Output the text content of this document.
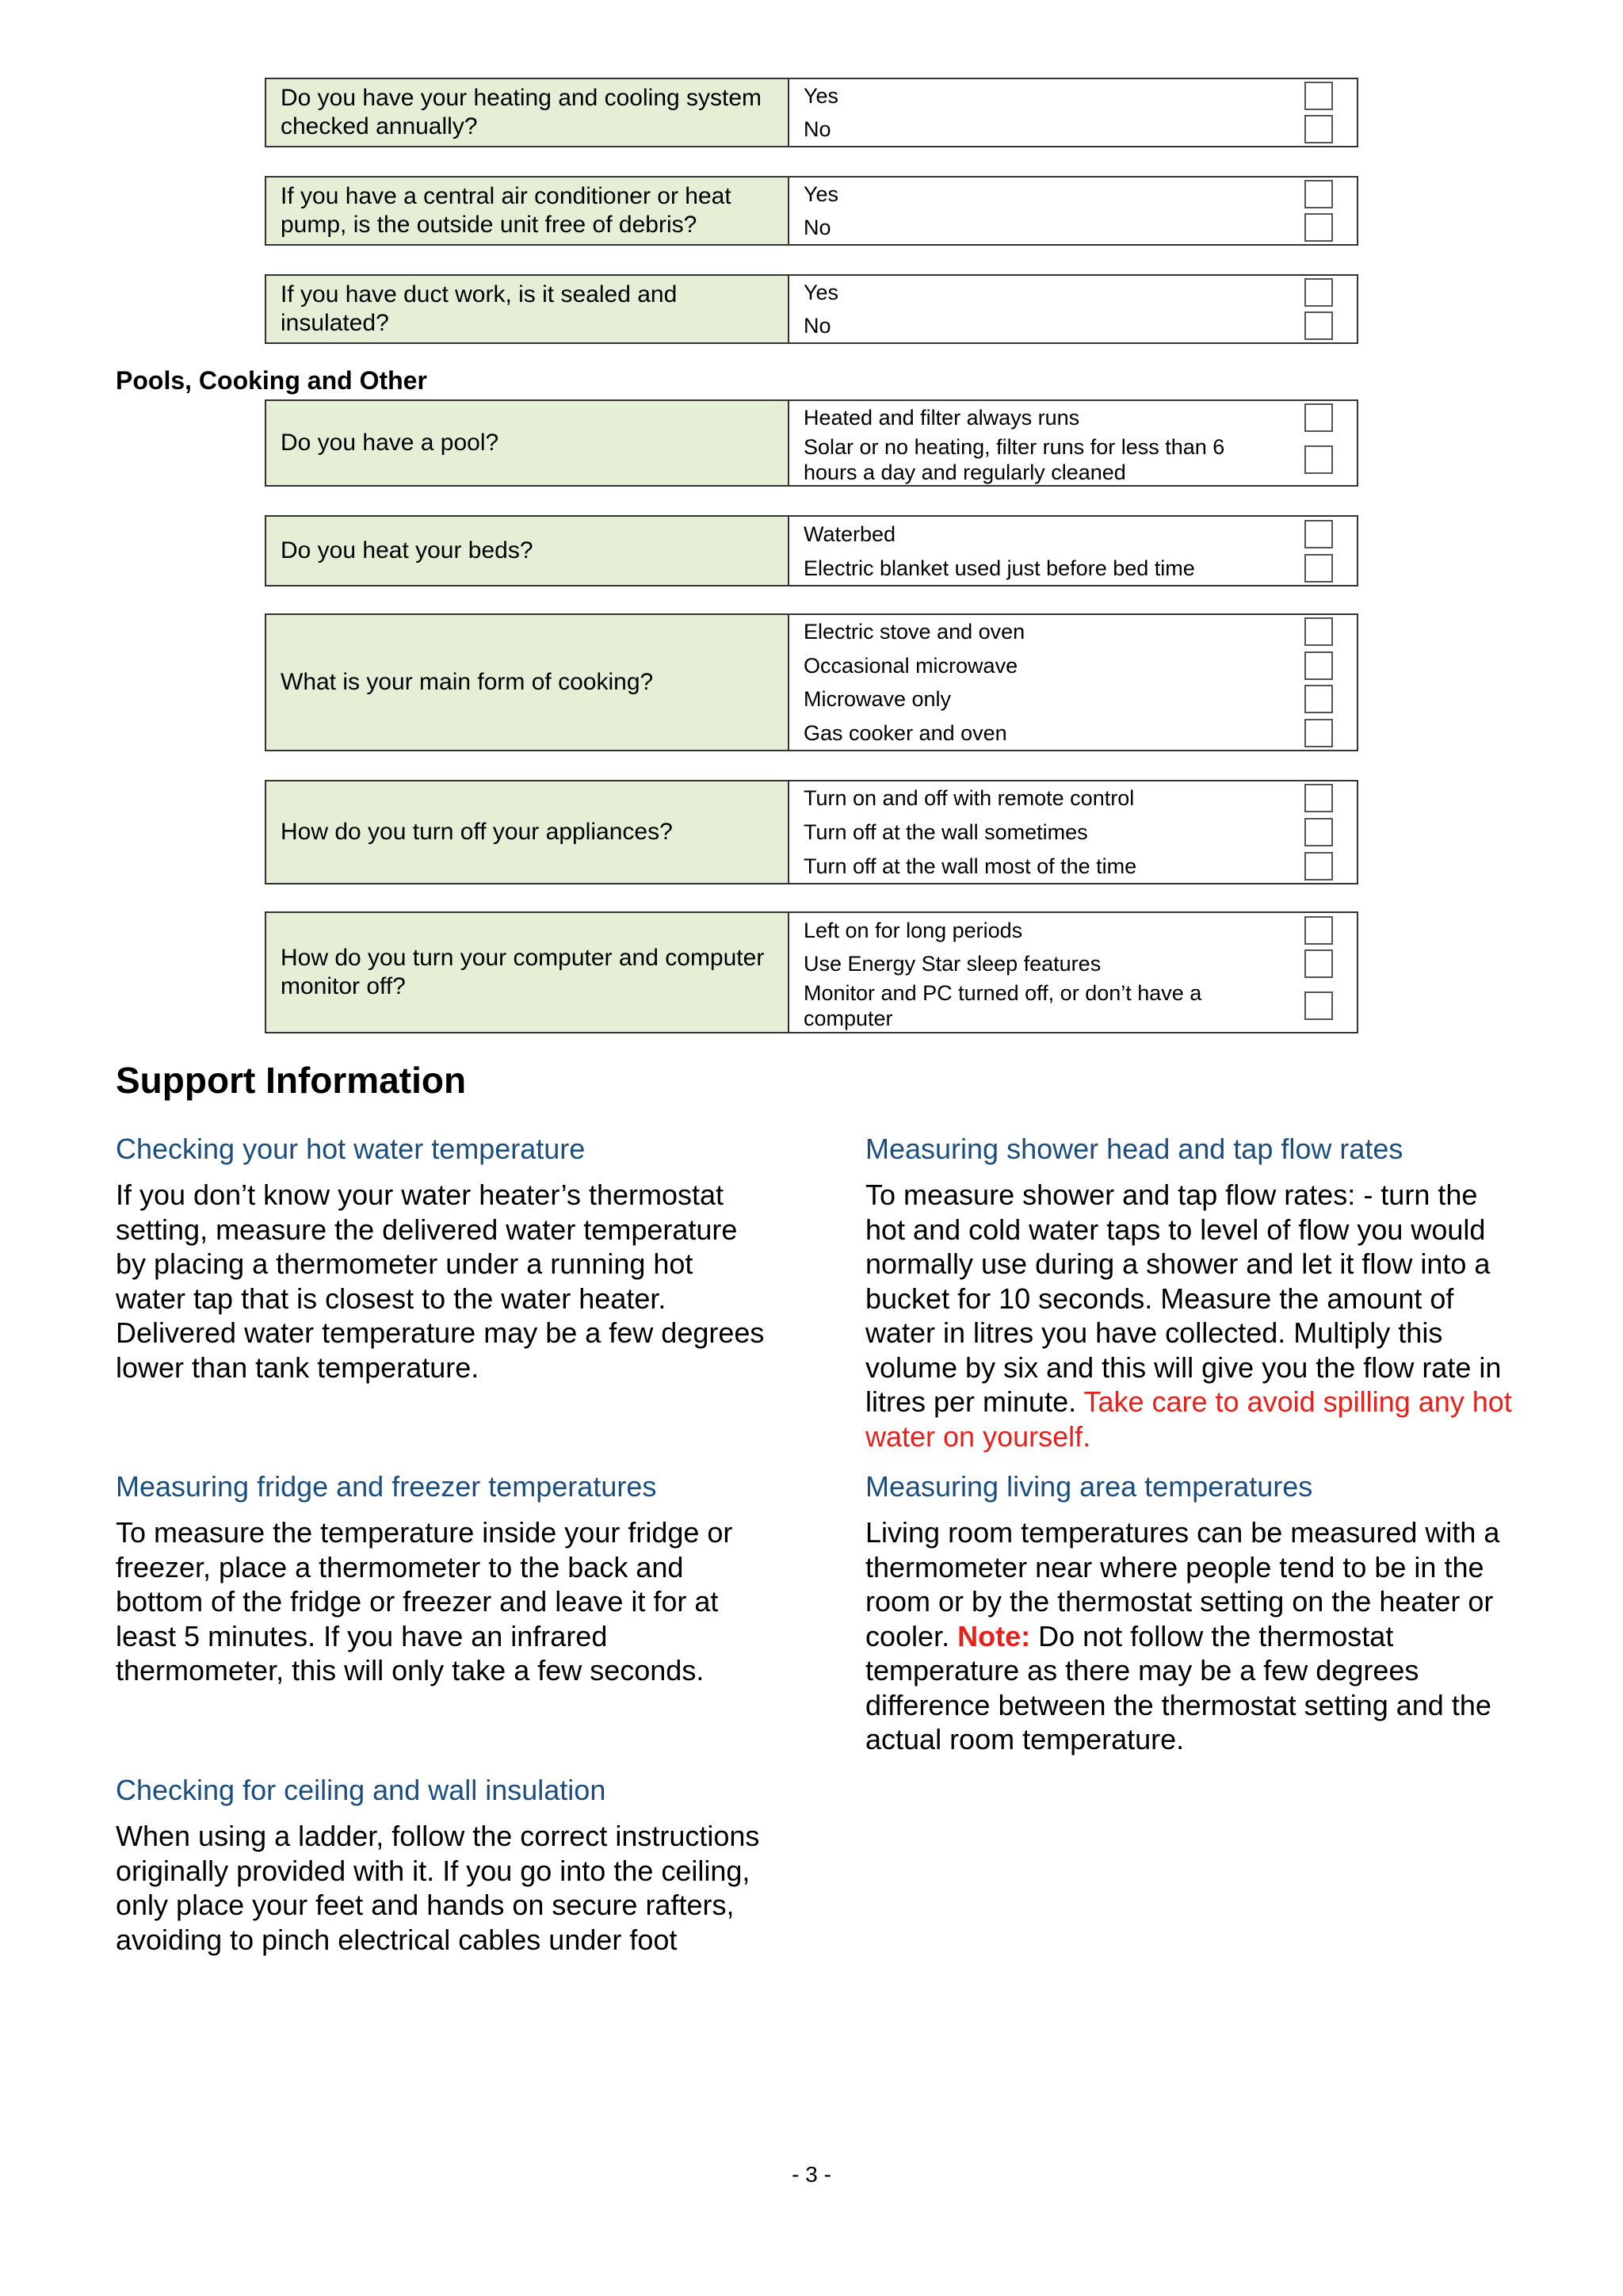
Do you have your heating and cooling system checked annually?
Yes
No
If you have a central air conditioner or heat pump, is the outside unit free of debris?
Yes
No
If you have duct work, is it sealed and insulated?
Yes
No
Pools, Cooking and Other
Do you have a pool?
Heated and filter always runs
Solar or no heating, filter runs for less than 6 hours a day and regularly cleaned
Do you heat your beds?
Waterbed
Electric blanket used just before bed time
What is your main form of cooking?
Electric stove and oven
Occasional microwave
Microwave only
Gas cooker and oven
How do you turn off your appliances?
Turn on and off with remote control
Turn off at the wall sometimes
Turn off at the wall most of the time
How do you turn your computer and computer monitor off?
Left on for long periods
Use Energy Star sleep features
Monitor and PC turned off, or don’t have a computer
Support Information

Checking your hot water temperature

If you don’t know your water heater’s thermostat setting, measure the delivered water temperature by placing a thermometer under a running hot water tap that is closest to the water heater. Delivered water temperature may be a few degrees lower than tank temperature.

Measuring fridge and freezer temperatures

To measure the temperature inside your fridge or freezer, place a thermometer to the back and bottom of the fridge or freezer and leave it for at least 5 minutes. If you have an infrared thermometer, this will only take a few seconds.

Checking for ceiling and wall insulation

When using a ladder, follow the correct instructions originally provided with it. If you go into the ceiling, only place your feet and hands on secure rafters, avoiding to pinch electrical cables under foot

Measuring shower head and tap flow rates

To measure shower and tap flow rates: - turn the hot and cold water taps to level of flow you would normally use during a shower and let it flow into a bucket for 10 seconds. Measure the amount of water in litres you have collected. Multiply this volume by six and this will give you the flow rate in litres per minute. Take care to avoid spilling any hot water on yourself.

Measuring living area temperatures

Living room temperatures can be measured with a thermometer near where people tend to be in the room or by the thermostat setting on the heater or cooler. Note: Do not follow the thermostat temperature as there may be a few degrees difference between the thermostat setting and the actual room temperature.

- 3 -
